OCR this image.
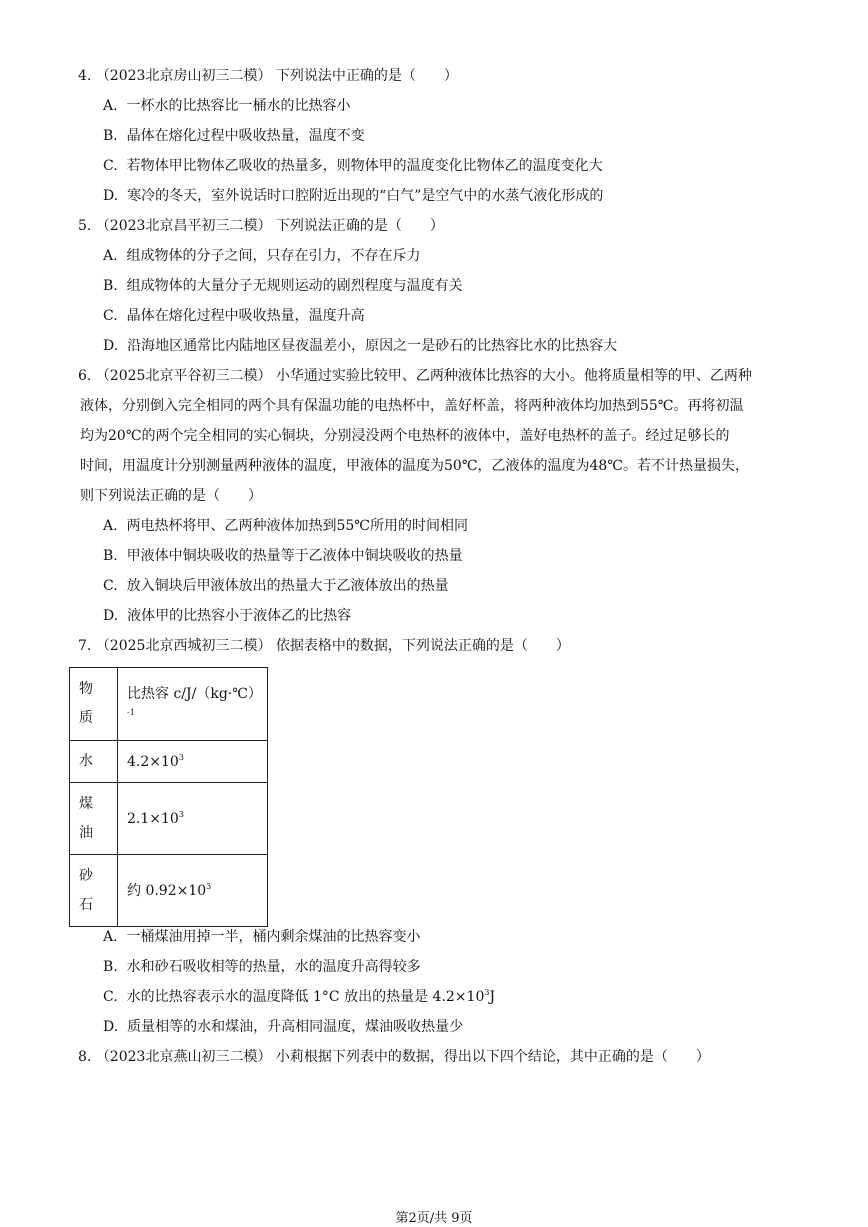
4. （2023北京房山初三二模） 下列说法中正确的是（　　）
A. 一杯水的比热容比一桶水的比热容小
B. 晶体在熔化过程中吸收热量，温度不变
C. 若物体甲比物体乙吸收的热量多，则物体甲的温度变化比物体乙的温度变化大
D. 寒冷的冬天，室外说话时口腔附近出现的“白气”是空气中的水蒸气液化形成的
5. （2023北京昌平初三二模） 下列说法正确的是（　　）
A. 组成物体的分子之间，只存在引力，不存在斥力
B. 组成物体的大量分子无规则运动的剧烈程度与温度有关
C. 晶体在熔化过程中吸收热量，温度升高
D. 沿海地区通常比内陆地区昼夜温差小，原因之一是砂石的比热容比水的比热容大
6. （2025北京平谷初三二模） 小华通过实验比较甲、乙两种液体比热容的大小。他将质量相等的甲、乙两种
液体，分别倒入完全相同的两个具有保温功能的电热杯中，盖好杯盖，将两种液体均加热到55℃。再将初温
均为20℃的两个完全相同的实心铜块，分别浸没两个电热杯的液体中，盖好电热杯的盖子。经过足够长的
时间，用温度计分别测量两种液体的温度，甲液体的温度为50℃，乙液体的温度为48℃。若不计热量损失，
则下列说法正确的是（　　）
A. 两电热杯将甲、乙两种液体加热到55℃所用的时间相同
B. 甲液体中铜块吸收的热量等于乙液体中铜块吸收的热量
C. 放入铜块后甲液体放出的热量大于乙液体放出的热量
D. 液体甲的比热容小于液体乙的比热容
7. （2025北京西城初三二模） 依据表格中的数据，下列说法正确的是（　　）
物
质	比热容 c/J/（kg·℃）
$^{-1}$
水	$4.2\times 10^3$
煤
油	$2.1\times 10^3$
砂
石	约 $0.92\times 10^3$
A. 一桶煤油用掉一半，桶内剩余煤油的比热容变小
B. 水和砂石吸收相等的热量，水的温度升高得较多
C. 水的比热容表示水的温度降低 1°C 放出的热量是 $4.2\times 10^3J$
D. 质量相等的水和煤油，升高相同温度，煤油吸收热量少
8. （2023北京燕山初三二模） 小莉根据下列表中的数据，得出以下四个结论，其中正确的是（　　）
第2页/共 9页
